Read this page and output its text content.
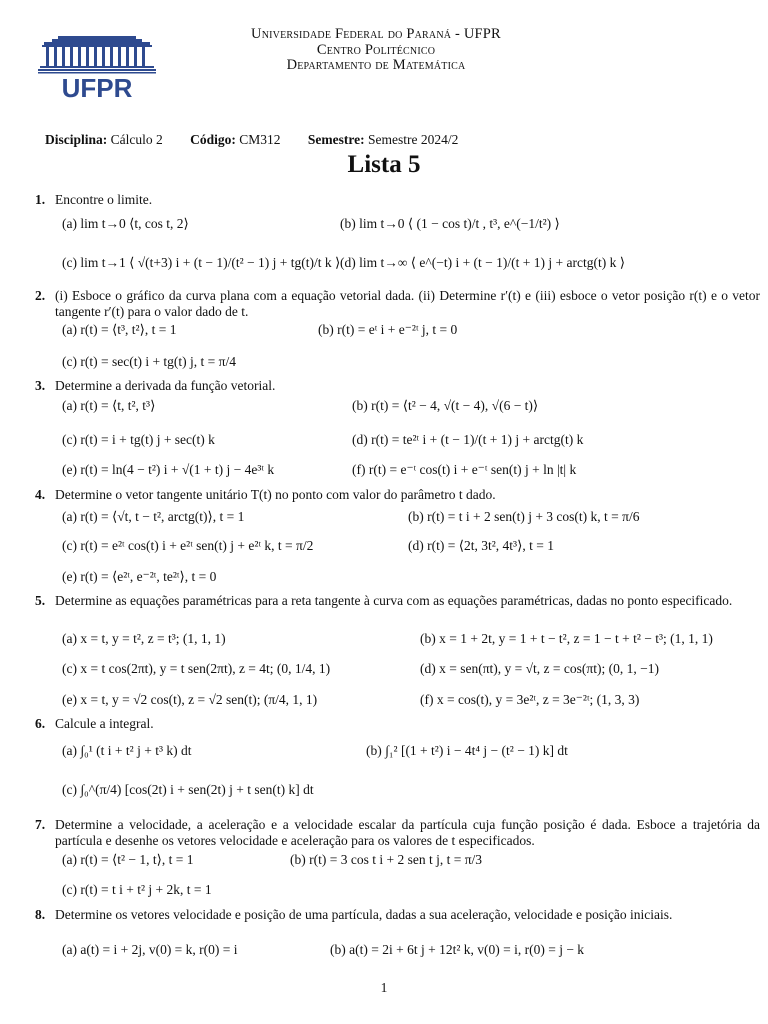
UFPR
Universidade Federal do Paraná - UFPR
Centro Politécnico
Departamento de Matemática
Disciplina: Cálculo 2 Código: CM312 Semestre: Semestre 2024/2
Lista 5
1. Encontre o limite.
(a) lim t→0 ⟨t, cos t, 2⟩	(b) lim t→0 ⟨ (1 − cos t)/t , t³, e^(−1/t²) ⟩
(c) lim t→1 ⟨ √(t+3) i + (t − 1)/(t² − 1) j + tg(t)/t k ⟩ (d) lim t→∞ ⟨ e^(−t) i + (t − 1)/(t + 1) j + arctg(t) k ⟩
2. (i) Esboce o gráfico da curva plana com a equação vetorial dada. (ii) Determine r′(t) e (iii) esboce o vetor posição r(t) e o vetor tangente r′(t) para o valor dado de t.
(a) r(t) = ⟨t³, t²⟩, t = 1	(b) r(t) = eᵗ i + e⁻²ᵗ j, t = 0
(c) r(t) = sec(t) i + tg(t) j, t = π/4
3. Determine a derivada da função vetorial.
(a) r(t) = ⟨t, t², t³⟩	(b) r(t) = ⟨t² − 4, √(t − 4), √(6 − t)⟩
(c) r(t) = i + tg(t) j + sec(t) k	(d) r(t) = te²ᵗ i + (t − 1)/(t + 1) j + arctg(t) k
(e) r(t) = ln(4 − t²) i + √(1 + t) j − 4e³ᵗ k	(f) r(t) = e⁻ᵗ cos(t) i + e⁻ᵗ sen(t) j + ln |t| k
4. Determine o vetor tangente unitário T(t) no ponto com valor do parâmetro t dado.
(a) r(t) = ⟨√t, t − t², arctg(t)⟩, t = 1	(b) r(t) = t i + 2 sen(t) j + 3 cos(t) k, t = π/6
(c) r(t) = e²ᵗ cos(t) i + e²ᵗ sen(t) j + e²ᵗ k, t = π/2	(d) r(t) = ⟨2t, 3t², 4t³⟩, t = 1
(e) r(t) = ⟨e²ᵗ, e⁻²ᵗ, te²ᵗ⟩, t = 0
5. Determine as equações paramétricas para a reta tangente à curva com as equações paramétricas, dadas no ponto especificado.
(a) x = t, y = t², z = t³; (1, 1, 1)	(b) x = 1 + 2t, y = 1 + t − t², z = 1 − t + t² − t³; (1, 1, 1)
(c) x = t cos(2πt), y = t sen(2πt), z = 4t; (0, 1/4, 1)	(d) x = sen(πt), y = √t, z = cos(πt); (0, 1, −1)
(e) x = t, y = √2 cos(t), z = √2 sen(t); (π/4, 1, 1)	(f) x = cos(t), y = 3e²ᵗ, z = 3e⁻²ᵗ; (1, 3, 3)
6. Calcule a integral.
(a) ∫₀¹ (t i + t² j + t³ k) dt	(b) ∫₁² [(1 + t²) i − 4t⁴ j − (t² − 1) k] dt
(c) ∫₀^(π/4) [cos(2t) i + sen(2t) j + t sen(t) k] dt
7. Determine a velocidade, a aceleração e a velocidade escalar da partícula cuja função posição é dada. Esboce a trajetória da partícula e desenhe os vetores velocidade e aceleração para os valores de t especificados.
(a) r(t) = ⟨t² − 1, t⟩, t = 1	(b) r(t) = 3 cos t i + 2 sen t j, t = π/3
(c) r(t) = t i + t² j + 2k, t = 1
8. Determine os vetores velocidade e posição de uma partícula, dadas a sua aceleração, velocidade e posição iniciais.
(a) a(t) = i + 2j, v(0) = k, r(0) = i	(b) a(t) = 2i + 6t j + 12t² k, v(0) = i, r(0) = j − k
1
